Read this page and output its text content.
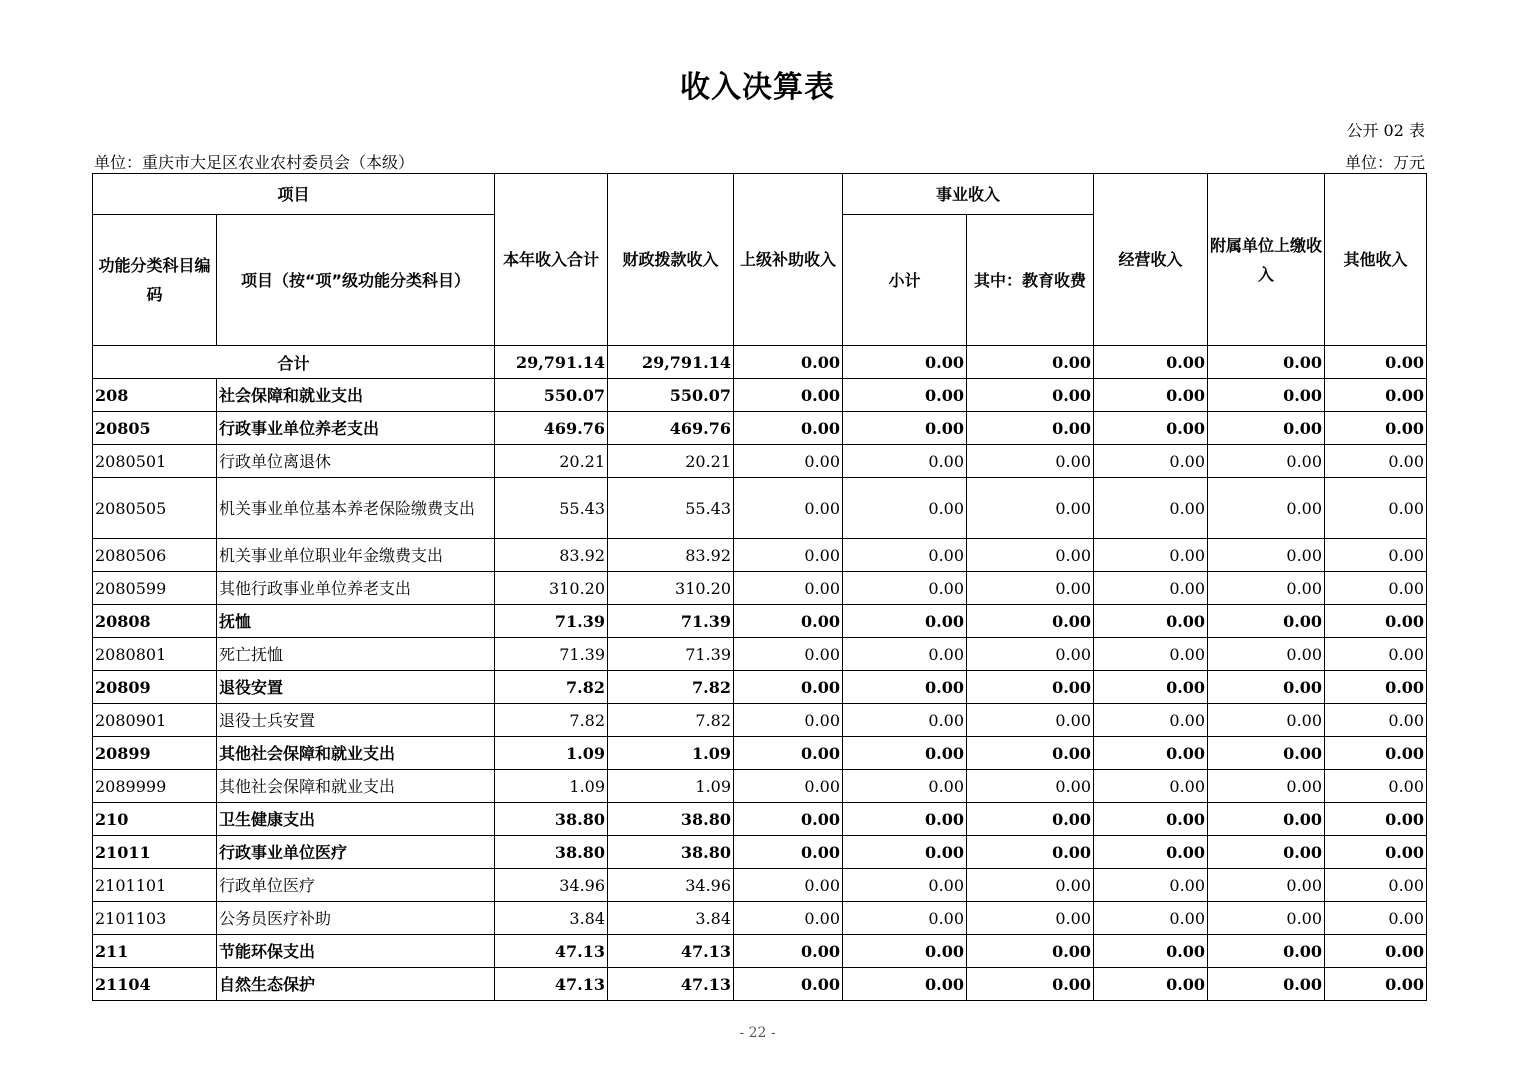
收入决算表
公开 02 表
单位：重庆市大足区农业农村委员会（本级）	单位：万元
项目		本年收入合计	财政拨款收入	上级补助收入	事业收入		经营收入	附属单位上缴收入	其他收入
功能分类科目编码	项目（按“项”级功能分类科目）				小计	其中：教育收费			
合计		29,791.14	29,791.14	0.00	0.00	0.00	0.00	0.00	0.00
208	社会保障和就业支出	550.07	550.07	0.00	0.00	0.00	0.00	0.00	0.00
20805	行政事业单位养老支出	469.76	469.76	0.00	0.00	0.00	0.00	0.00	0.00
2080501	行政单位离退休	20.21	20.21	0.00	0.00	0.00	0.00	0.00	0.00
2080505	机关事业单位基本养老保险缴费支出	55.43	55.43	0.00	0.00	0.00	0.00	0.00	0.00
2080506	机关事业单位职业年金缴费支出	83.92	83.92	0.00	0.00	0.00	0.00	0.00	0.00
2080599	其他行政事业单位养老支出	310.20	310.20	0.00	0.00	0.00	0.00	0.00	0.00
20808	抚恤	71.39	71.39	0.00	0.00	0.00	0.00	0.00	0.00
2080801	死亡抚恤	71.39	71.39	0.00	0.00	0.00	0.00	0.00	0.00
20809	退役安置	7.82	7.82	0.00	0.00	0.00	0.00	0.00	0.00
2080901	退役士兵安置	7.82	7.82	0.00	0.00	0.00	0.00	0.00	0.00
20899	其他社会保障和就业支出	1.09	1.09	0.00	0.00	0.00	0.00	0.00	0.00
2089999	其他社会保障和就业支出	1.09	1.09	0.00	0.00	0.00	0.00	0.00	0.00
210	卫生健康支出	38.80	38.80	0.00	0.00	0.00	0.00	0.00	0.00
21011	行政事业单位医疗	38.80	38.80	0.00	0.00	0.00	0.00	0.00	0.00
2101101	行政单位医疗	34.96	34.96	0.00	0.00	0.00	0.00	0.00	0.00
2101103	公务员医疗补助	3.84	3.84	0.00	0.00	0.00	0.00	0.00	0.00
211	节能环保支出	47.13	47.13	0.00	0.00	0.00	0.00	0.00	0.00
21104	自然生态保护	47.13	47.13	0.00	0.00	0.00	0.00	0.00	0.00
- 22 -
